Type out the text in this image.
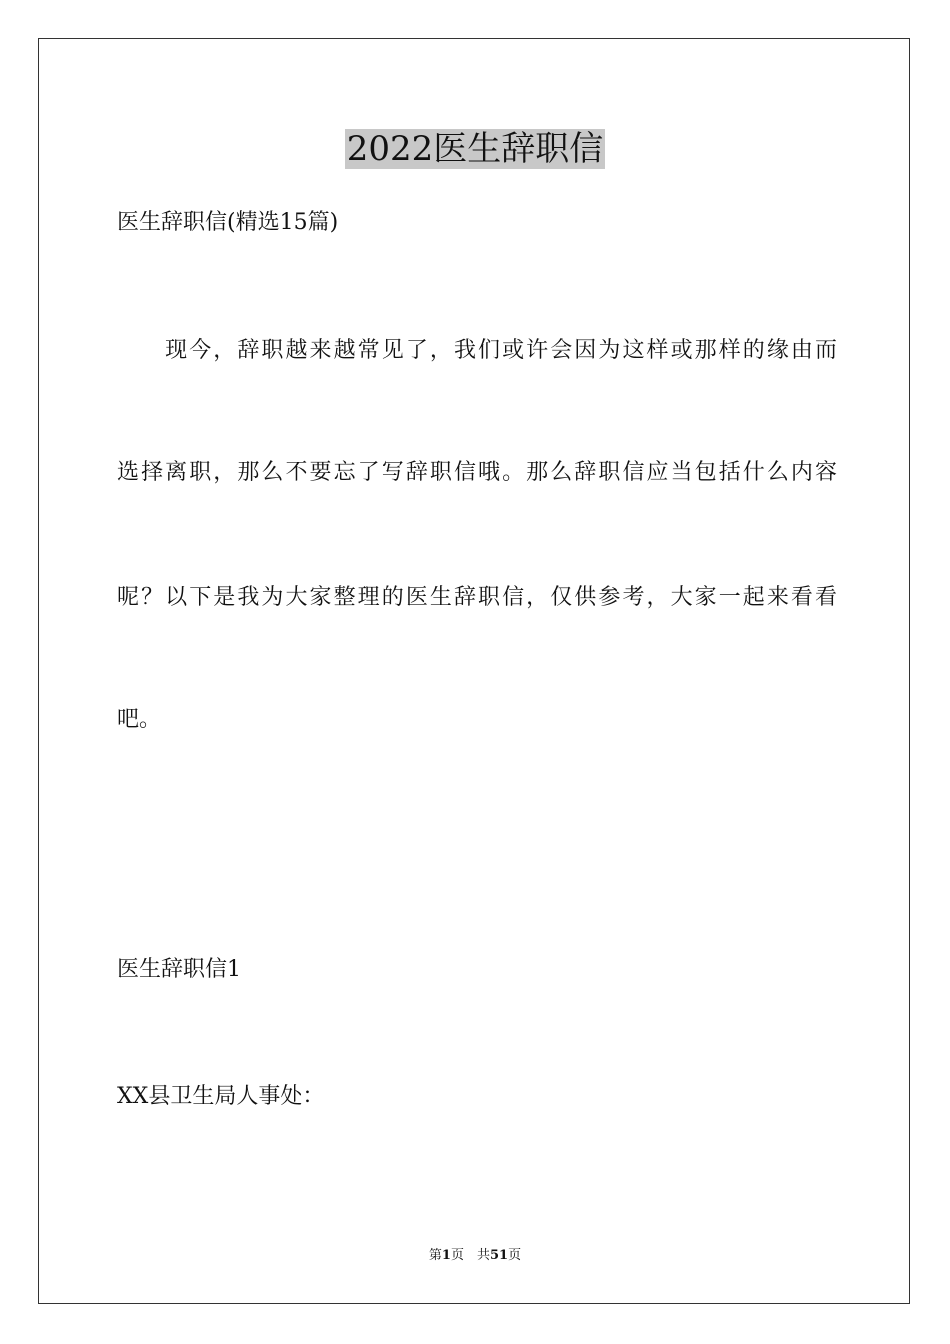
2022医生辞职信
医生辞职信(精选15篇)
　　现今，辞职越来越常见了，我们或许会因为这样或那样的缘由而
选择离职，那么不要忘了写辞职信哦。那么辞职信应当包括什么内容
呢？以下是我为大家整理的医生辞职信，仅供参考，大家一起来看看
吧。
医生辞职信1
XX县卫生局人事处：
第1页　共51页
